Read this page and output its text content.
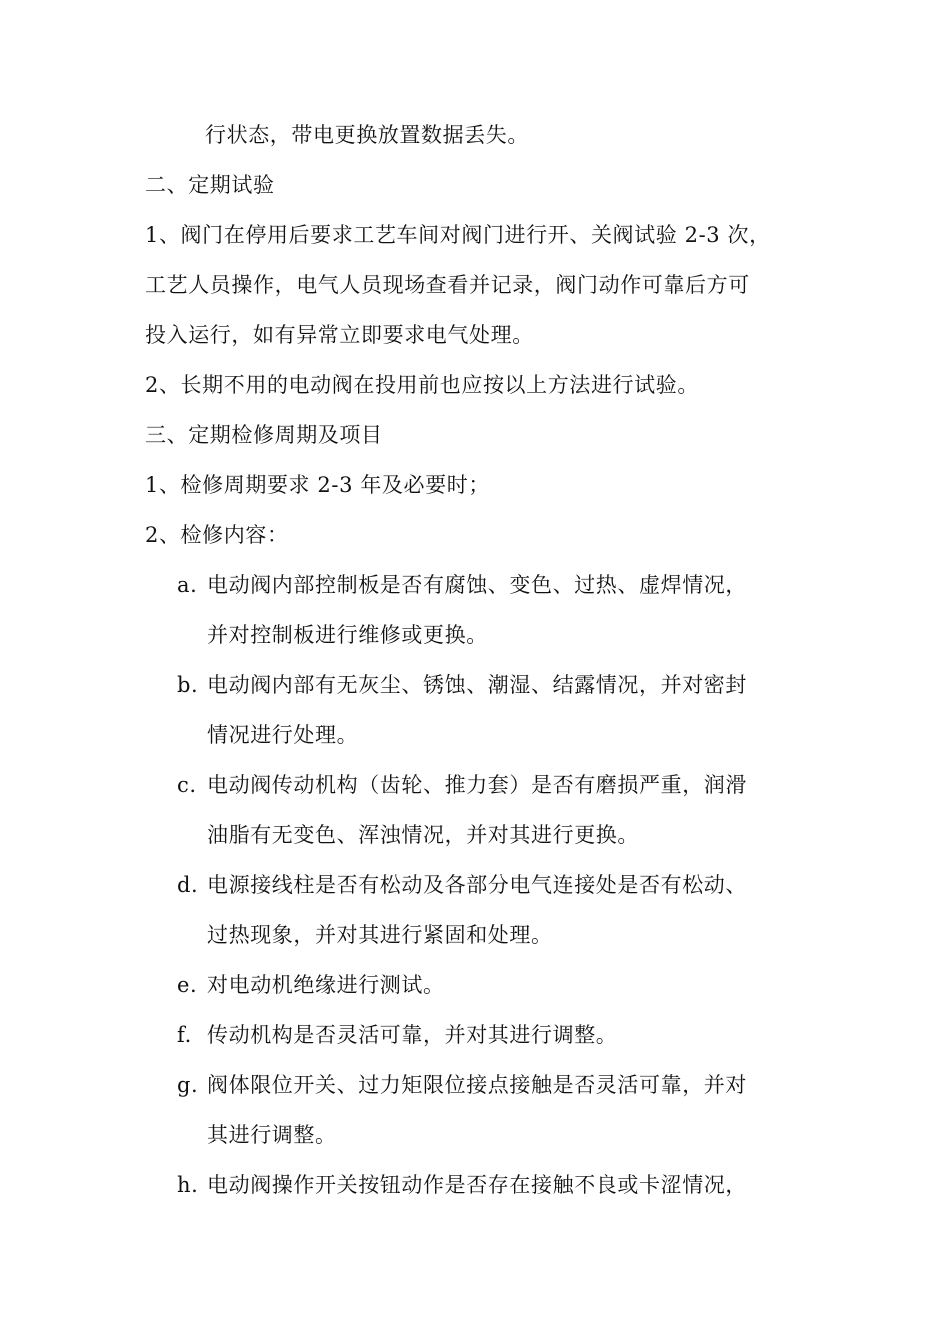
行状态，带电更换放置数据丢失。

二、定期试验

1、阀门在停用后要求工艺车间对阀门进行开、关阀试验 2-3 次，

工艺人员操作，电气人员现场查看并记录，阀门动作可靠后方可

投入运行，如有异常立即要求电气处理。

2、长期不用的电动阀在投用前也应按以上方法进行试验。

三、定期检修周期及项目

1、检修周期要求 2-3 年及必要时；

2、检修内容：

a. 电动阀内部控制板是否有腐蚀、变色、过热、虚焊情况，

并对控制板进行维修或更换。

b. 电动阀内部有无灰尘、锈蚀、潮湿、结露情况，并对密封

情况进行处理。

c. 电动阀传动机构（齿轮、推力套）是否有磨损严重，润滑

油脂有无变色、浑浊情况，并对其进行更换。

d. 电源接线柱是否有松动及各部分电气连接处是否有松动、

过热现象，并对其进行紧固和处理。

e. 对电动机绝缘进行测试。

f. 传动机构是否灵活可靠，并对其进行调整。

g. 阀体限位开关、过力矩限位接点接触是否灵活可靠，并对

其进行调整。

h. 电动阀操作开关按钮动作是否存在接触不良或卡涩情况，
